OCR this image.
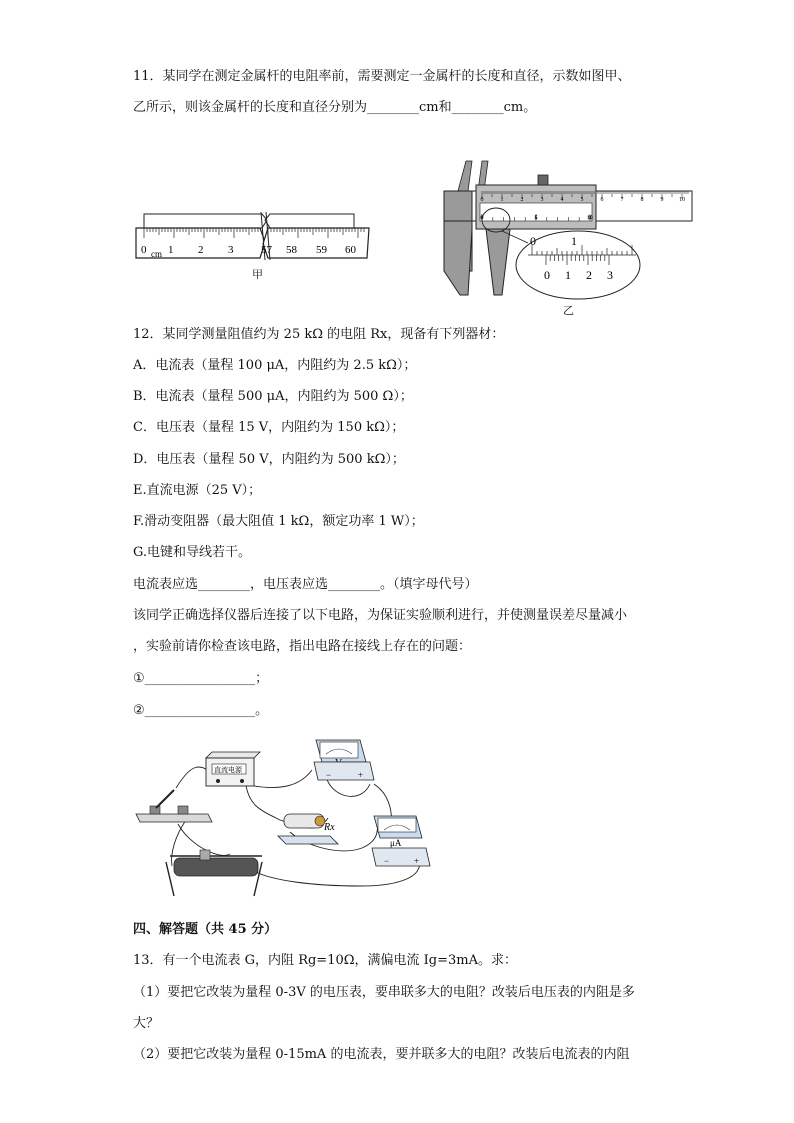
11．某同学在测定金属杆的电阻率前，需要测定一金属杆的长度和直径，示数如图甲、
乙所示，则该金属杆的长度和直径分别为________cm和________cm。
0 cm 1 2 3	57 58 59 60
甲
0	1	2	3	4	5	6	7	8	9	10
0	5	10
0	1
0 1 2 3
乙
12．某同学测量阻值约为 25 kΩ 的电阻 Rx，现备有下列器材：
A．电流表（量程 100 μA，内阻约为 2.5 kΩ）；
B．电流表（量程 500 μA，内阻约为 500 Ω）；
C．电压表（量程 15 V，内阻约为 150 kΩ）；
D．电压表（量程 50 V，内阻约为 500 kΩ）；
E.直流电源（25 V）；
F.滑动变阻器（最大阻值 1 kΩ，额定功率 1 W）；
G.电键和导线若干。
电流表应选________，电压表应选________。（填字母代号）
该同学正确选择仪器后连接了以下电路，为保证实验顺利进行，并使测量误差尽量减小
，实验前请你检查该电路，指出电路在接线上存在的问题：
①_________________；
②_________________。
直流电源	−	+
Rx
μA
−	+
四、解答题（共 45 分）
13．有一个电流表 G，内阻 Rg=10Ω，满偏电流 Ig=3mA。求：
（1）要把它改装为量程 0-3V 的电压表，要串联多大的电阻？改装后电压表的内阻是多
大？
（2）要把它改装为量程 0-15mA 的电流表，要并联多大的电阻？改装后电流表的内阻
